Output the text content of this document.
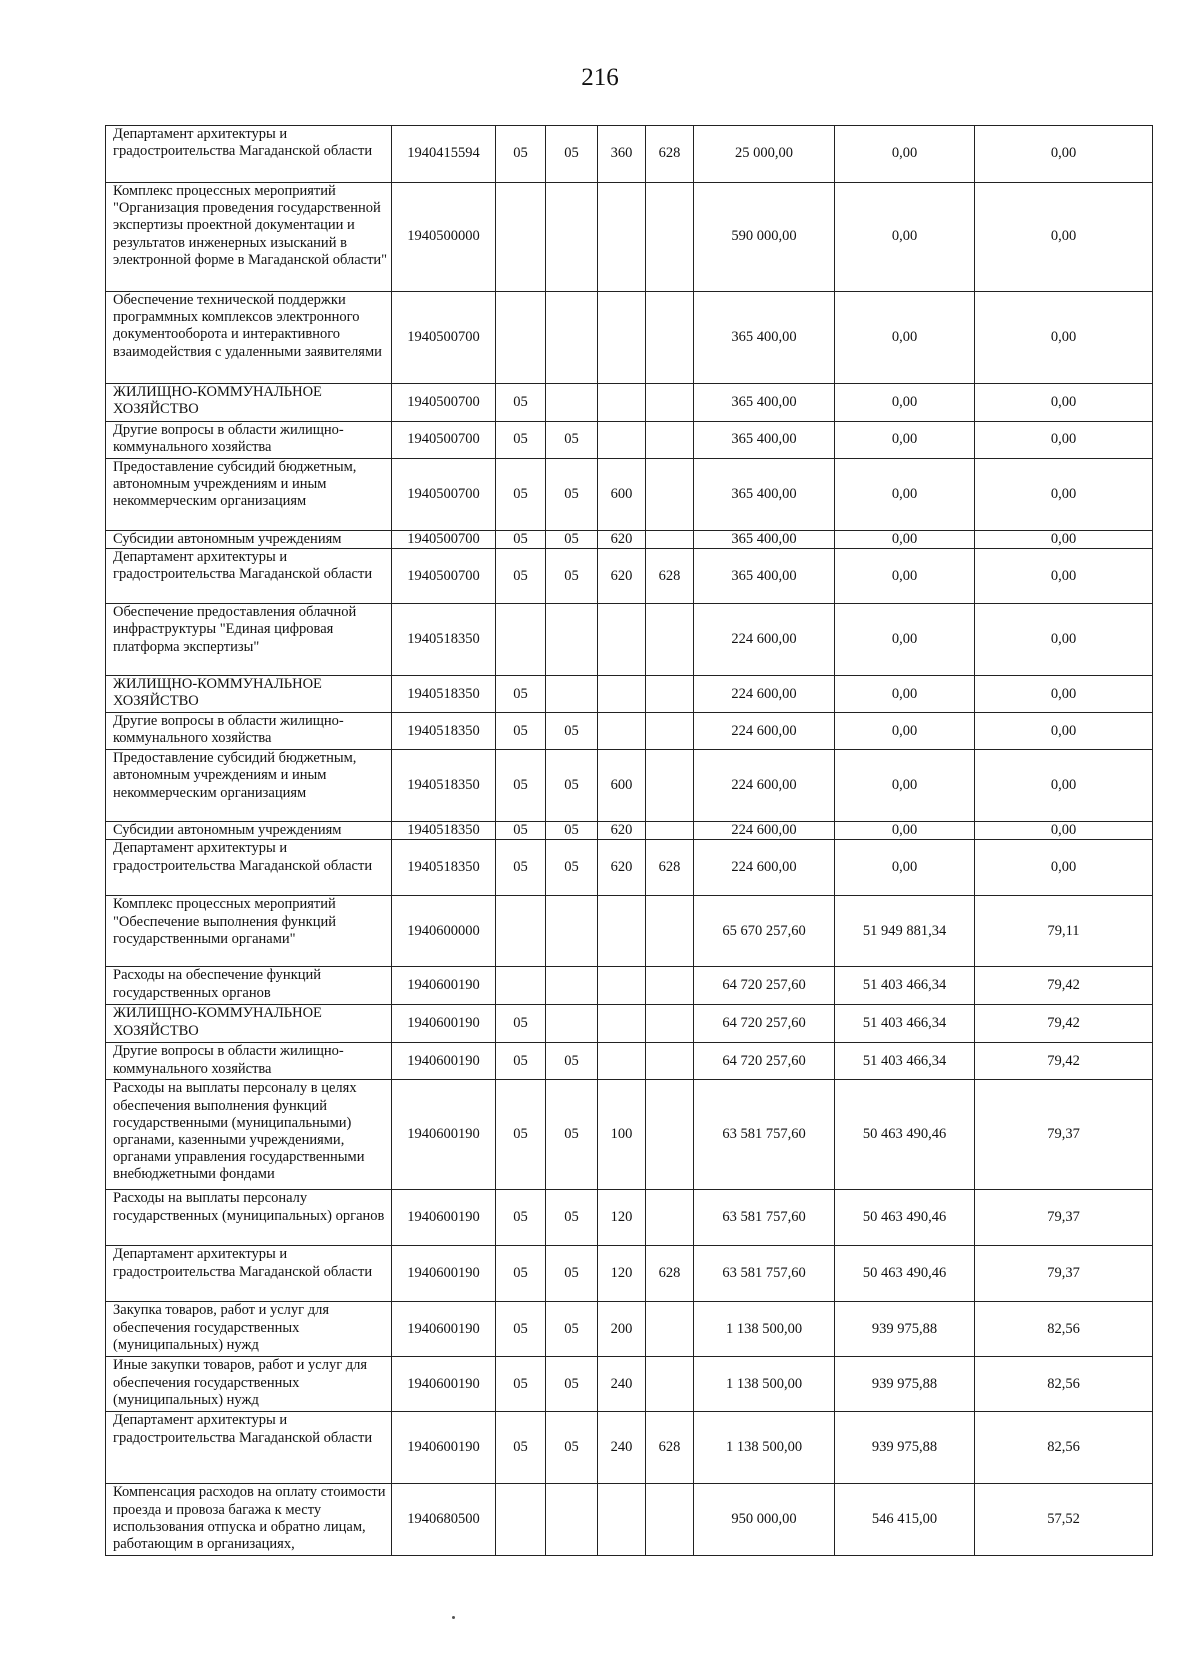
216
Департамент архитектуры и градостроительства Магаданской области	1940415594	05	05	360	628	25 000,00	0,00	0,00
Комплекс процессных мероприятий "Организация проведения государственной экспертизы проектной документации и результатов инженерных изысканий в электронной форме в Магаданской области"	1940500000					590 000,00	0,00	0,00
Обеспечение технической поддержки программных комплексов электронного документооборота и интерактивного взаимодействия с удаленными заявителями	1940500700					365 400,00	0,00	0,00
ЖИЛИЩНО-КОММУНАЛЬНОЕ ХОЗЯЙСТВО	1940500700	05				365 400,00	0,00	0,00
Другие вопросы в области жилищно-коммунального хозяйства	1940500700	05	05			365 400,00	0,00	0,00
Предоставление субсидий бюджетным, автономным учреждениям и иным некоммерческим организациям	1940500700	05	05	600		365 400,00	0,00	0,00
Субсидии автономным учреждениям	1940500700	05	05	620		365 400,00	0,00	0,00
Департамент архитектуры и градостроительства Магаданской области	1940500700	05	05	620	628	365 400,00	0,00	0,00
Обеспечение предоставления облачной инфраструктуры "Единая цифровая платформа экспертизы"	1940518350					224 600,00	0,00	0,00
ЖИЛИЩНО-КОММУНАЛЬНОЕ ХОЗЯЙСТВО	1940518350	05				224 600,00	0,00	0,00
Другие вопросы в области жилищно-коммунального хозяйства	1940518350	05	05			224 600,00	0,00	0,00
Предоставление субсидий бюджетным, автономным учреждениям и иным некоммерческим организациям	1940518350	05	05	600		224 600,00	0,00	0,00
Субсидии автономным учреждениям	1940518350	05	05	620		224 600,00	0,00	0,00
Департамент архитектуры и градостроительства Магаданской области	1940518350	05	05	620	628	224 600,00	0,00	0,00
Комплекс процессных мероприятий "Обеспечение выполнения функций государственными органами"	1940600000					65 670 257,60	51 949 881,34	79,11
Расходы на обеспечение функций государственных органов	1940600190					64 720 257,60	51 403 466,34	79,42
ЖИЛИЩНО-КОММУНАЛЬНОЕ ХОЗЯЙСТВО	1940600190	05				64 720 257,60	51 403 466,34	79,42
Другие вопросы в области жилищно-коммунального хозяйства	1940600190	05	05			64 720 257,60	51 403 466,34	79,42
Расходы на выплаты персоналу в целях обеспечения выполнения функций государственными (муниципальными) органами, казенными учреждениями, органами управления государственными внебюджетными фондами	1940600190	05	05	100		63 581 757,60	50 463 490,46	79,37
Расходы на выплаты персоналу государственных (муниципальных) органов	1940600190	05	05	120		63 581 757,60	50 463 490,46	79,37
Департамент архитектуры и градостроительства Магаданской области	1940600190	05	05	120	628	63 581 757,60	50 463 490,46	79,37
Закупка товаров, работ и услуг для обеспечения государственных (муниципальных) нужд	1940600190	05	05	200		1 138 500,00	939 975,88	82,56
Иные закупки товаров, работ и услуг для обеспечения государственных (муниципальных) нужд	1940600190	05	05	240		1 138 500,00	939 975,88	82,56
Департамент архитектуры и градостроительства Магаданской области	1940600190	05	05	240	628	1 138 500,00	939 975,88	82,56
Компенсация расходов на оплату стоимости проезда и провоза багажа к месту использования отпуска и обратно лицам, работающим в организациях,	1940680500					950 000,00	546 415,00	57,52
